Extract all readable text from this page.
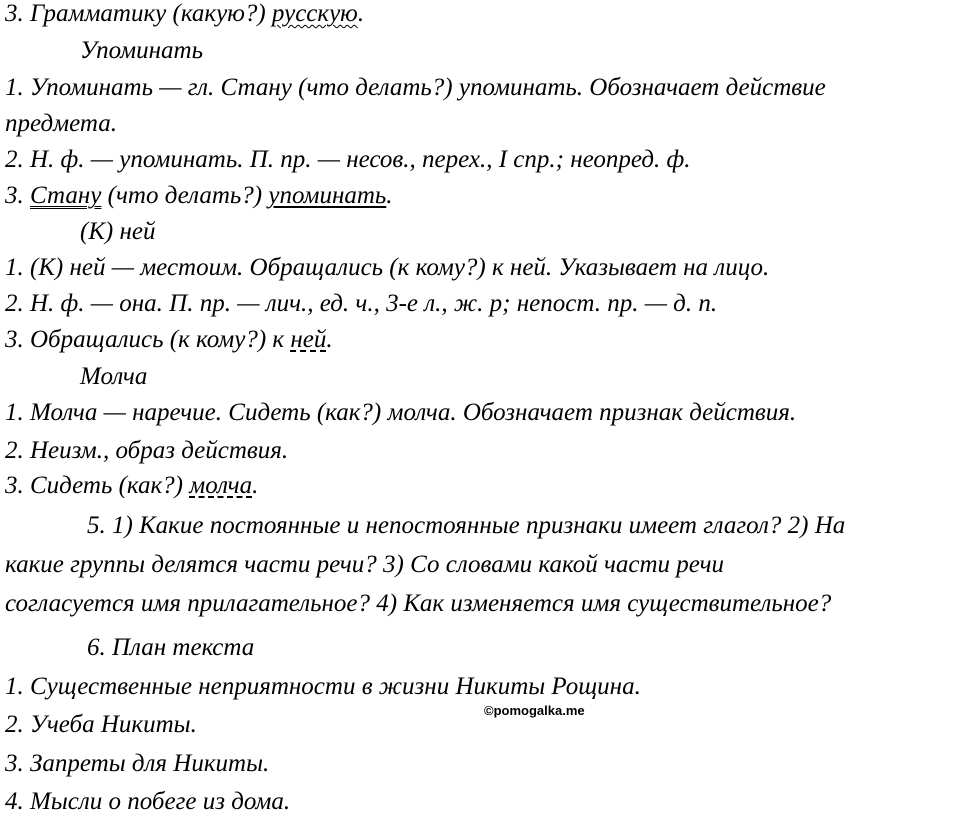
3. Грамматику (какую?) русскую.
Упоминать
1. Упоминать — гл. Стану (что делать?) упоминать. Обозначает действие
предмета.
2. Н. ф. — упоминать. П. пр. — несов., перех., I спр.; неопред. ф.
3. Стану (что делать?) упоминать.
(К) ней
1. (К) ней — местоим. Обращались (к кому?) к ней. Указывает на лицо.
2. Н. ф. — она. П. пр. — лич., ед. ч., 3-е л., ж. р; непост. пр. — д. п.
3. Обращались (к кому?) к ней.
Молча
1. Молча — наречие. Сидеть (как?) молча. Обозначает признак действия.
2. Неизм., образ действия.
3. Сидеть (как?) молча.
5. 1) Какие постоянные и непостоянные признаки имеет глагол? 2) На
какие группы делятся части речи? 3) Со словами какой части речи
согласуется имя прилагательное? 4) Как изменяется имя существительное?
6. План текста
1. Существенные неприятности в жизни Никиты Рощина.
2. Учеба Никиты.
3. Запреты для Никиты.
4. Мысли о побеге из дома.
©pomogalka.me
